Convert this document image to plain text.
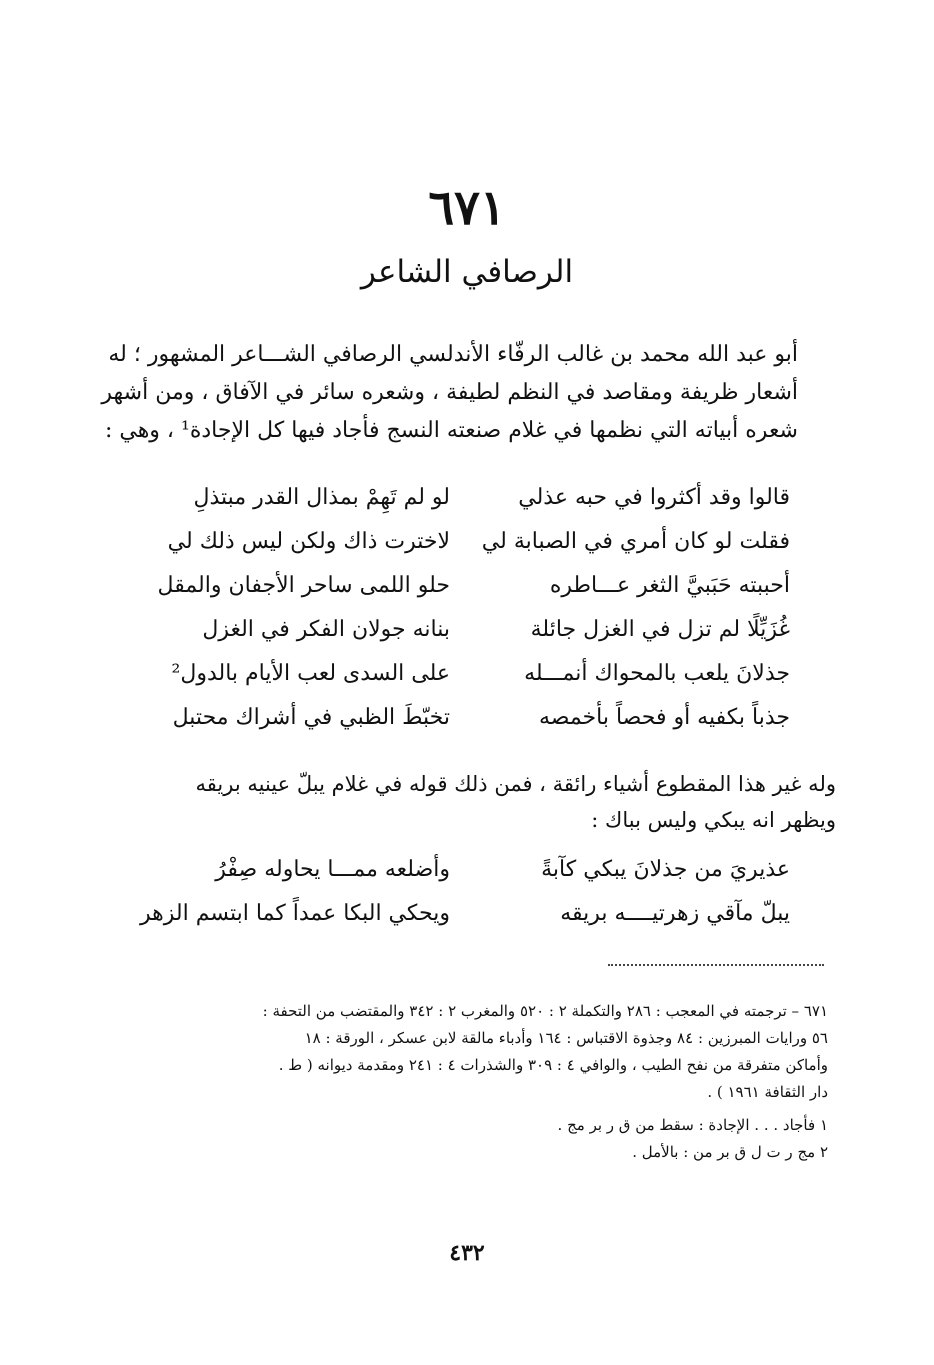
٦٧١
الرصافي الشاعر
أبو عبد الله محمد بن غالب الرفّاء الأندلسي الرصافي الشـــاعر المشهور ؛ له
أشعار ظريفة ومقاصد في النظم لطيفة ، وشعره سائر في الآفاق ، ومن أشهر
شعره أبياته التي نظمها في غلام صنعته النسج فأجاد فيها كل الإجادة¹ ، وهي :
قالوا وقد أكثروا في حبه عذلي
لو لم تَهِمْ بمذال القدر مبتذلِ
فقلت لو كان أمري في الصبابة لي
لاخترت ذاك ولكن ليس ذلك لي
أحببته حَبَبيَّ الثغر عـــاطره
حلو اللمى ساحر الأجفان والمقل
غُزَيِّلًا لم تزل في الغزل جائلة
بنانه جولان الفكر في الغزل
جذلانَ يلعب بالمحواك أنمـــله
على السدى لعب الأيام بالدول²
جذباً بكفيه أو فحصاً بأخمصه
تخبّطَ الظبي في أشراك محتبل
وله غير هذا المقطوع أشياء رائقة ، فمن ذلك قوله في غلام يبلّ عينيه بريقه
ويظهر انه يبكي وليس بباك :
عذيريَ من جذلانَ يبكي كآبةً
وأضلعه ممـــا يحاوله صِفْرُ
يبلّ مآقي زهرتيــــه بريقه
ويحكي البكا عمداً كما ابتسم الزهر
٦٧١ – ترجمته في المعجب : ٢٨٦ والتكملة ٢ : ٥٢٠ والمغرب ٢ : ٣٤٢ والمقتضب من التحفة :
٥٦ ورايات المبرزين : ٨٤ وجذوة الاقتباس : ١٦٤ وأدباء مالقة لابن عسكر ، الورقة : ١٨
وأماكن متفرقة من نفح الطيب ، والوافي ٤ : ٣٠٩ والشذرات ٤ : ٢٤١ ومقدمة ديوانه ( ط .
دار الثقافة ١٩٦١ ) .
١ فأجاد . . . الإجادة : سقط من ق ر بر مج .
٢ مج ر ت ل ق بر من : بالأمل .
٤٣٢
